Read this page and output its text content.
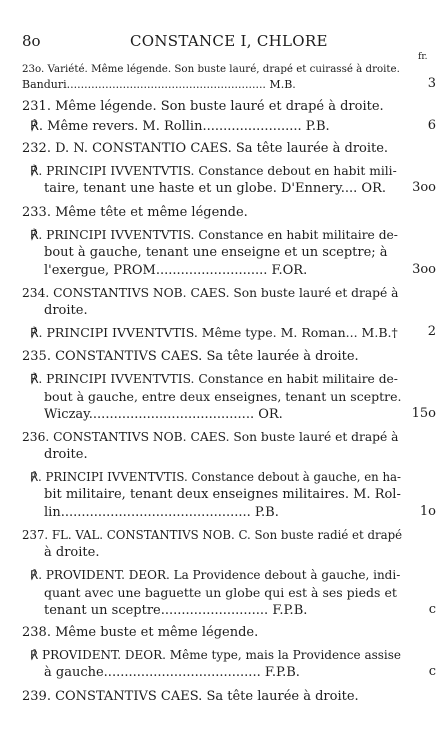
8o	CONSTANCE I, CHLORE
fr.
23o. Variété. Même légende. Son buste lauré, drapé et cuirassé à droite.
Banduri......................................................... M.B.	3
231. Même légende. Son buste lauré et drapé à droite.
℟. Même revers. M. Rollin........................ P.B.	6
232. D. N. CONSTANTIO CAES. Sa tête laurée à droite.
℟. PRINCIPI IVVENTVTIS. Constance debout en habit mili-
taire, tenant une haste et un globe. D'Ennery.... OR. 3oo
233. Même tête et même légende.
℟. PRINCIPI IVVENTVTIS. Constance en habit militaire de-
bout à gauche, tenant une enseigne et un sceptre; à
l'exergue, PROM........................... F.OR.	3oo
234. CONSTANTIVS NOB. CAES. Son buste lauré et drapé à
droite.
℟. PRINCIPI IVVENTVTIS. Même type. M. Roman... M.B.† 2
235. CONSTANTIVS CAES. Sa tête laurée à droite.
℟. PRINCIPI IVVENTVTIS. Constance en habit militaire de-
bout à gauche, entre deux enseignes, tenant un sceptre.
Wiczay........................................ OR.	15o
236. CONSTANTIVS NOB. CAES. Son buste lauré et drapé à
droite.
℟. PRINCIPI IVVENTVTIS. Constance debout à gauche, en ha-
bit militaire, tenant deux enseignes militaires. M. Rol-
lin.............................................. P.B.	1o
237. FL. VAL. CONSTANTIVS NOB. C. Son buste radié et drapé
à droite.
℟. PROVIDENT. DEOR. La Providence debout à gauche, indi-
quant avec une baguette un globe qui est à ses pieds et
tenant un sceptre.......................... F.P.B.	c
238. Même buste et même légende.
℟ PROVIDENT. DEOR. Même type, mais la Providence assise
à gauche...................................... F.P.B.	c
239. CONSTANTIVS CAES. Sa tête laurée à droite.
